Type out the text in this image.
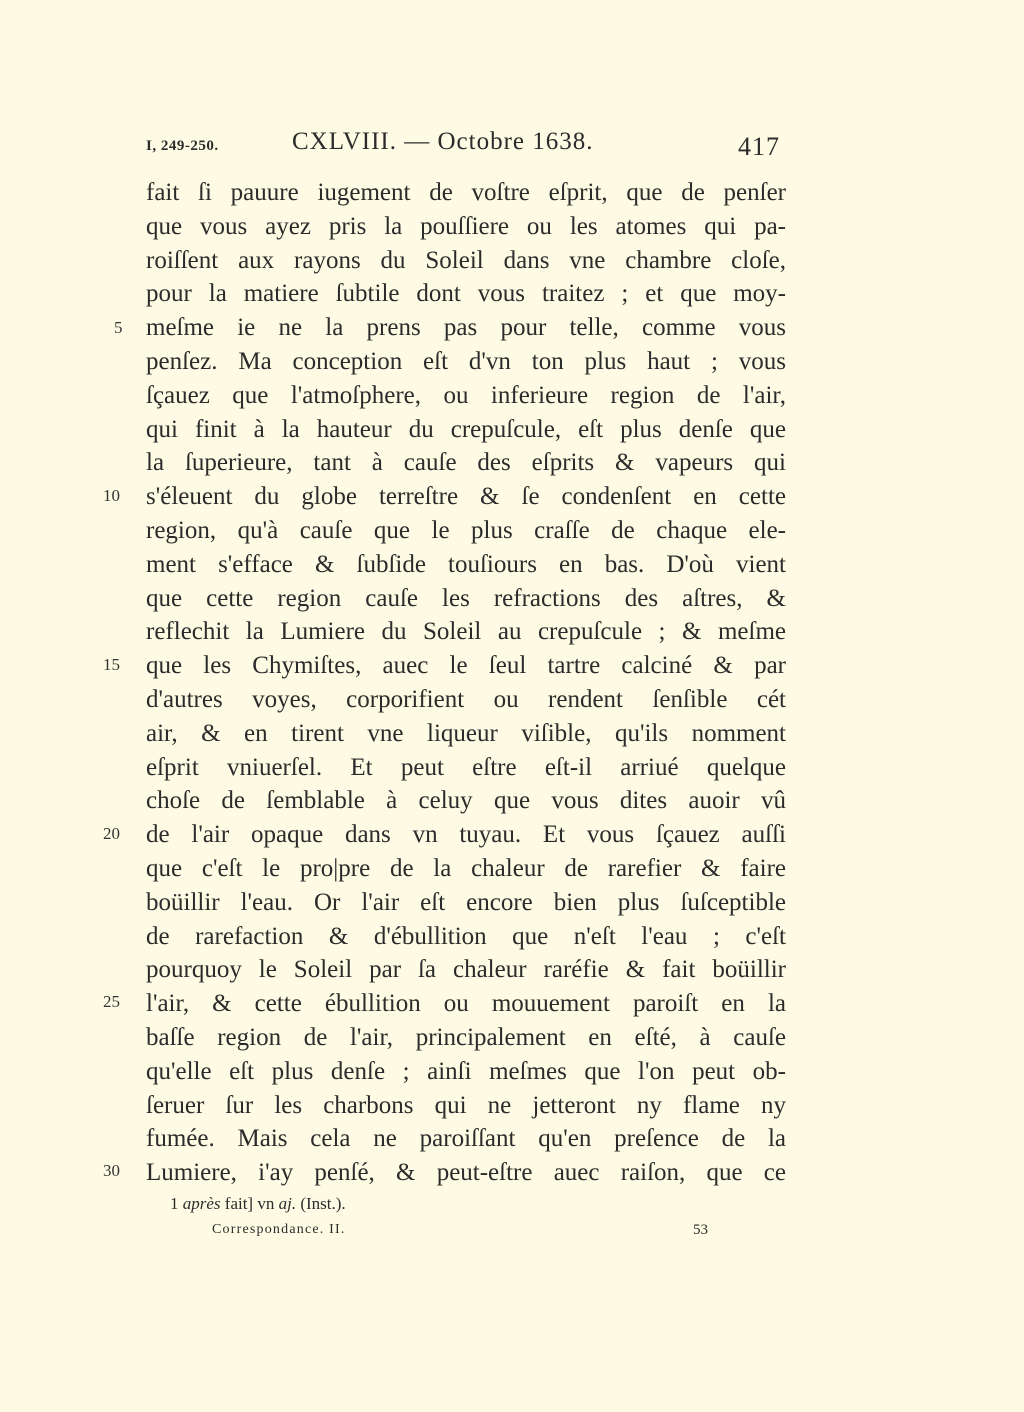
I, 249-250.	CXLVIII. — Octobre 1638.	417
fait ſi pauure iugement de voſtre eſprit, que de penſer
que vous ayez pris la pouſſiere ou les atomes qui pa-
roiſſent aux rayons du Soleil dans vne chambre cloſe,
pour la matiere ſubtile dont vous traitez ; et que moy-
meſme ie ne la prens pas pour telle, comme vous
penſez. Ma conception eſt d'vn ton plus haut ; vous
ſçauez que l'atmoſphere, ou inferieure region de l'air,
qui finit à la hauteur du crepuſcule, eſt plus denſe que
la ſuperieure, tant à cauſe des eſprits & vapeurs qui
s'éleuent du globe terreſtre & ſe condenſent en cette
region, qu'à cauſe que le plus craſſe de chaque ele-
ment s'efface & ſubſide touſiours en bas. D'où vient
que cette region cauſe les refractions des aſtres, &
reflechit la Lumiere du Soleil au crepuſcule ; & meſme
que les Chymiſtes, auec le ſeul tartre calciné & par
d'autres voyes, corporifient ou rendent ſenſible cét
air, & en tirent vne liqueur viſible, qu'ils nomment
eſprit vniuerſel. Et peut eſtre eſt-il arriué quelque
choſe de ſemblable à celuy que vous dites auoir vû
de l'air opaque dans vn tuyau. Et vous ſçauez auſſi
que c'eſt le pro|pre de la chaleur de rarefier & faire
boüillir l'eau. Or l'air eſt encore bien plus ſuſceptible
de rarefaction & d'ébullition que n'eſt l'eau ; c'eſt
pourquoy le Soleil par ſa chaleur raréfie & fait boüillir
l'air, & cette ébullition ou mouuement paroiſt en la
baſſe region de l'air, principalement en eſté, à cauſe
qu'elle eſt plus denſe ; ainſi meſmes que l'on peut ob-
ſeruer ſur les charbons qui ne jetteront ny flame ny
fumée. Mais cela ne paroiſſant qu'en preſence de la
Lumiere, i'ay penſé, & peut-eſtre auec raiſon, que ce
5
10
15
20
25
30
1 après fait] vn aj. (Inst.).
Correspondance. II.	53
